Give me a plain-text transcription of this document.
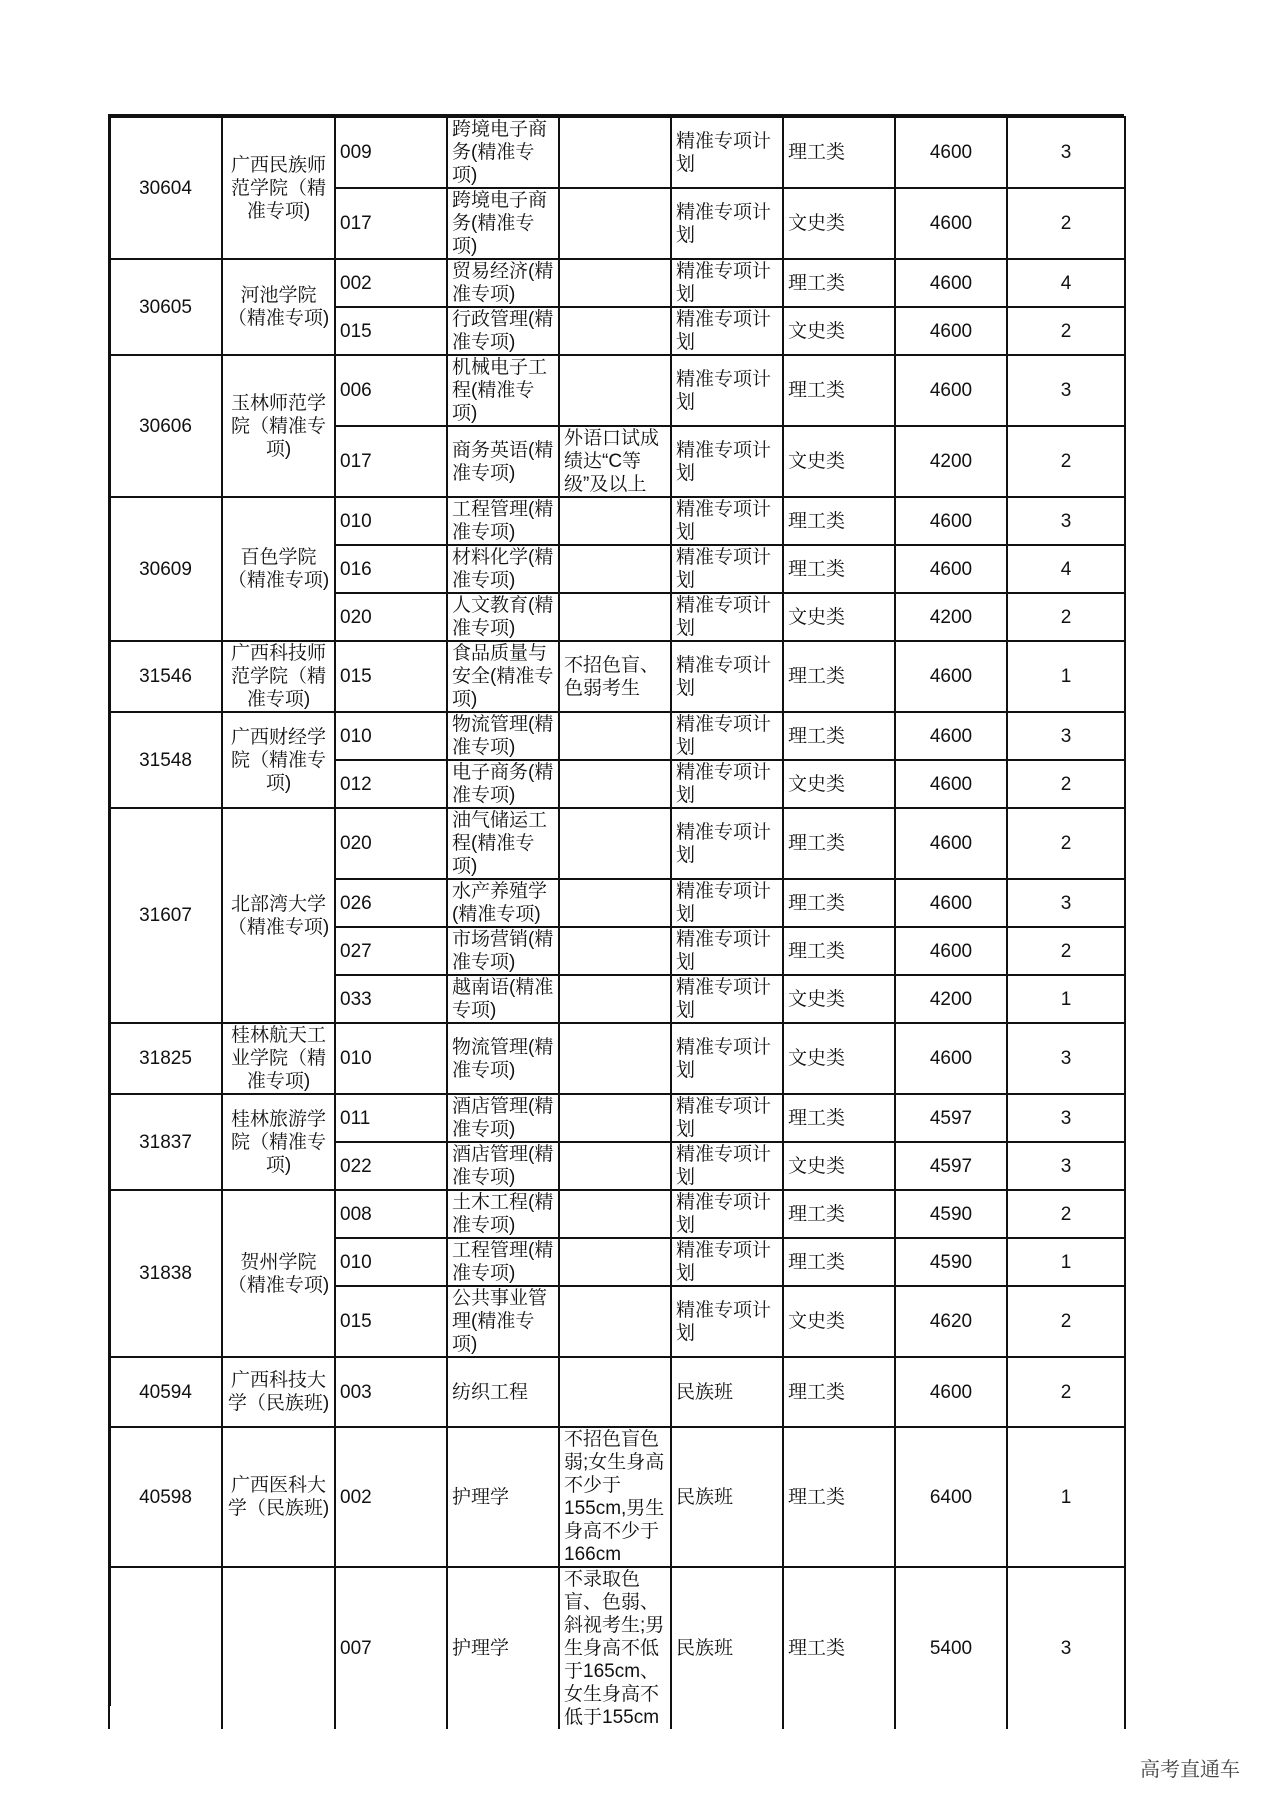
30604	广西民族师范学院（精准专项)	009	跨境电子商务(精准专项)		精准专项计划	理工类	4600	3
		017	跨境电子商务(精准专项)		精准专项计划	文史类	4600	2
30605	河池学院（精准专项)	002	贸易经济(精准专项)		精准专项计划	理工类	4600	4
		015	行政管理(精准专项)		精准专项计划	文史类	4600	2
30606	玉林师范学院（精准专项)	006	机械电子工程(精准专项)		精准专项计划	理工类	4600	3
		017	商务英语(精准专项)	外语口试成绩达“C等级”及以上	精准专项计划	文史类	4200	2
30609	百色学院（精准专项)	010	工程管理(精准专项)		精准专项计划	理工类	4600	3
		016	材料化学(精准专项)		精准专项计划	理工类	4600	4
		020	人文教育(精准专项)		精准专项计划	文史类	4200	2
31546	广西科技师范学院（精准专项)	015	食品质量与安全(精准专项)	不招色盲、色弱考生	精准专项计划	理工类	4600	1
31548	广西财经学院（精准专项)	010	物流管理(精准专项)		精准专项计划	理工类	4600	3
		012	电子商务(精准专项)		精准专项计划	文史类	4600	2
31607	北部湾大学（精准专项)	020	油气储运工程(精准专项)		精准专项计划	理工类	4600	2
		026	水产养殖学(精准专项)		精准专项计划	理工类	4600	3
		027	市场营销(精准专项)		精准专项计划	理工类	4600	2
		033	越南语(精准专项)		精准专项计划	文史类	4200	1
31825	桂林航天工业学院（精准专项)	010	物流管理(精准专项)		精准专项计划	文史类	4600	3
31837	桂林旅游学院（精准专项)	011	酒店管理(精准专项)		精准专项计划	理工类	4597	3
		022	酒店管理(精准专项)		精准专项计划	文史类	4597	3
31838	贺州学院（精准专项)	008	土木工程(精准专项)		精准专项计划	理工类	4590	2
		010	工程管理(精准专项)		精准专项计划	理工类	4590	1
		015	公共事业管理(精准专项)		精准专项计划	文史类	4620	2
40594	广西科技大学（民族班)	003	纺织工程		民族班	理工类	4600	2
40598	广西医科大学（民族班)	002	护理学	不招色盲色弱;女生身高不少于155cm,男生身高不少于166cm	民族班	理工类	6400	1
		007	护理学	不录取色盲、色弱、斜视考生;男生身高不低于165cm、女生身高不低于155cm	民族班	理工类	5400	3
高考直通车
